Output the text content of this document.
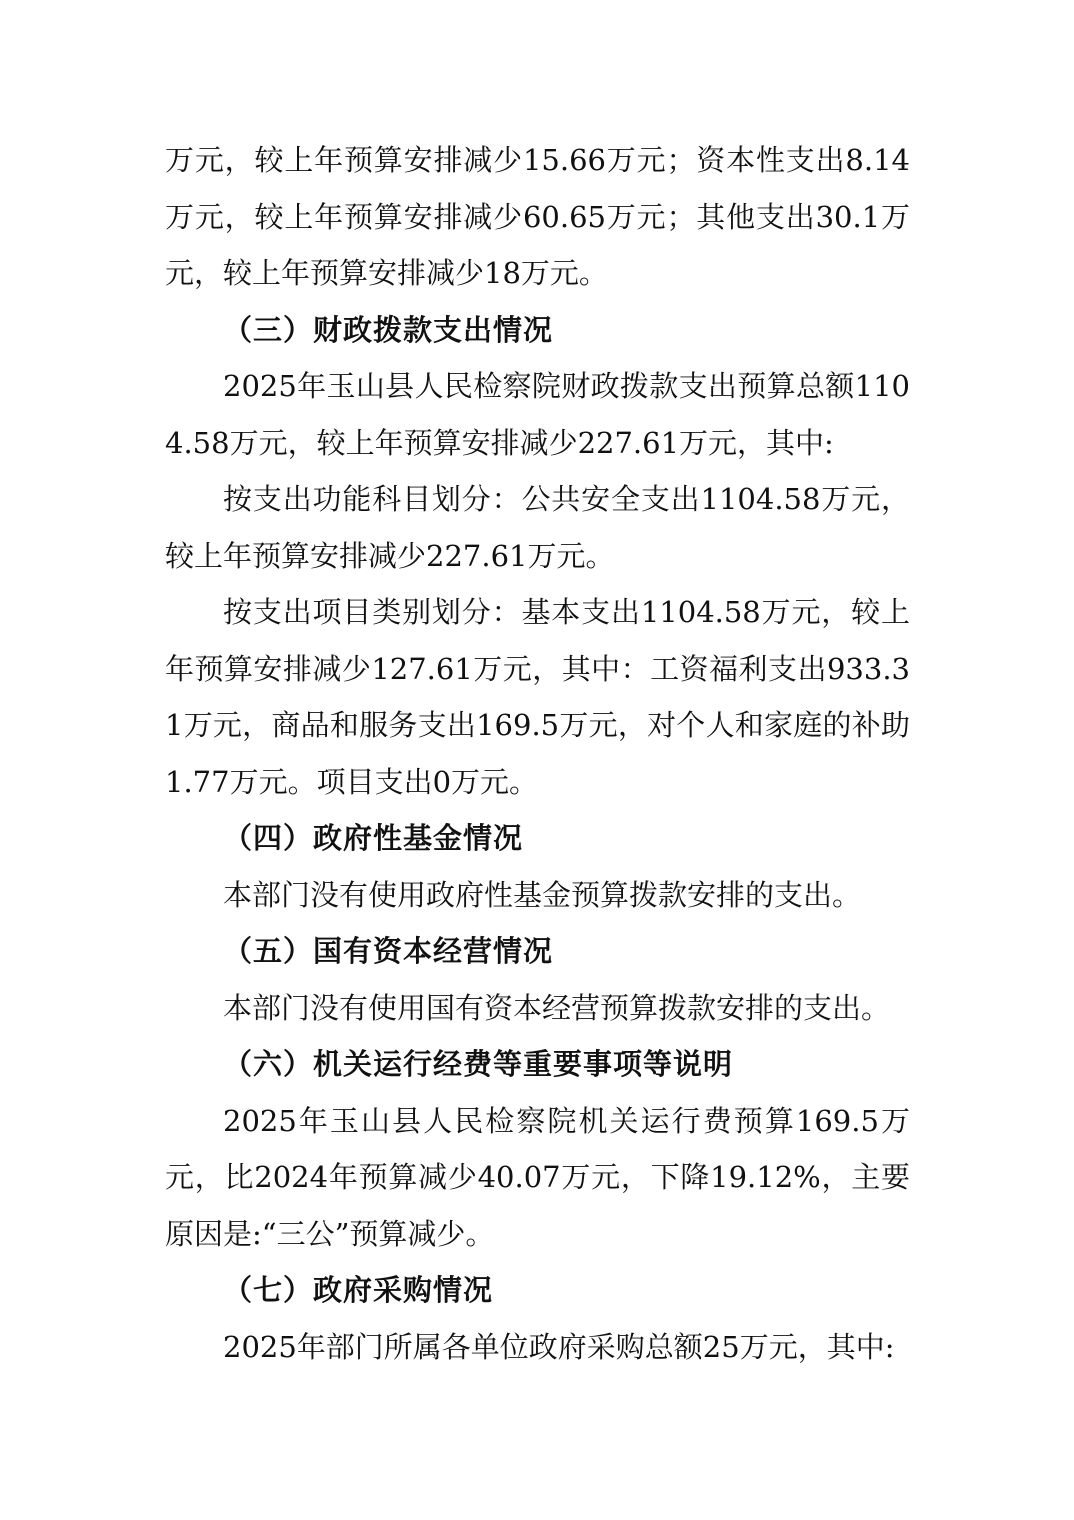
万元，较上年预算安排减少15.66万元；资本性支出8.14万元，较上年预算安排减少60.65万元；其他支出30.1万元，较上年预算安排减少18万元。

（三）财政拨款支出情况

2025年玉山县人民检察院财政拨款支出预算总额1104.58万元，较上年预算安排减少227.61万元，其中:

按支出功能科目划分：公共安全支出1104.58万元，较上年预算安排减少227.61万元。

按支出项目类别划分：基本支出1104.58万元，较上年预算安排减少127.61万元，其中：工资福利支出933.31万元，商品和服务支出169.5万元，对个人和家庭的补助1.77万元。项目支出0万元。

（四）政府性基金情况

本部门没有使用政府性基金预算拨款安排的支出。

（五）国有资本经营情况

本部门没有使用国有资本经营预算拨款安排的支出。

（六）机关运行经费等重要事项等说明

2025年玉山县人民检察院机关运行费预算169.5万元，比2024年预算减少40.07万元，下降19.12%，主要原因是:“三公”预算减少。

（七）政府采购情况

2025年部门所属各单位政府采购总额25万元，其中:
